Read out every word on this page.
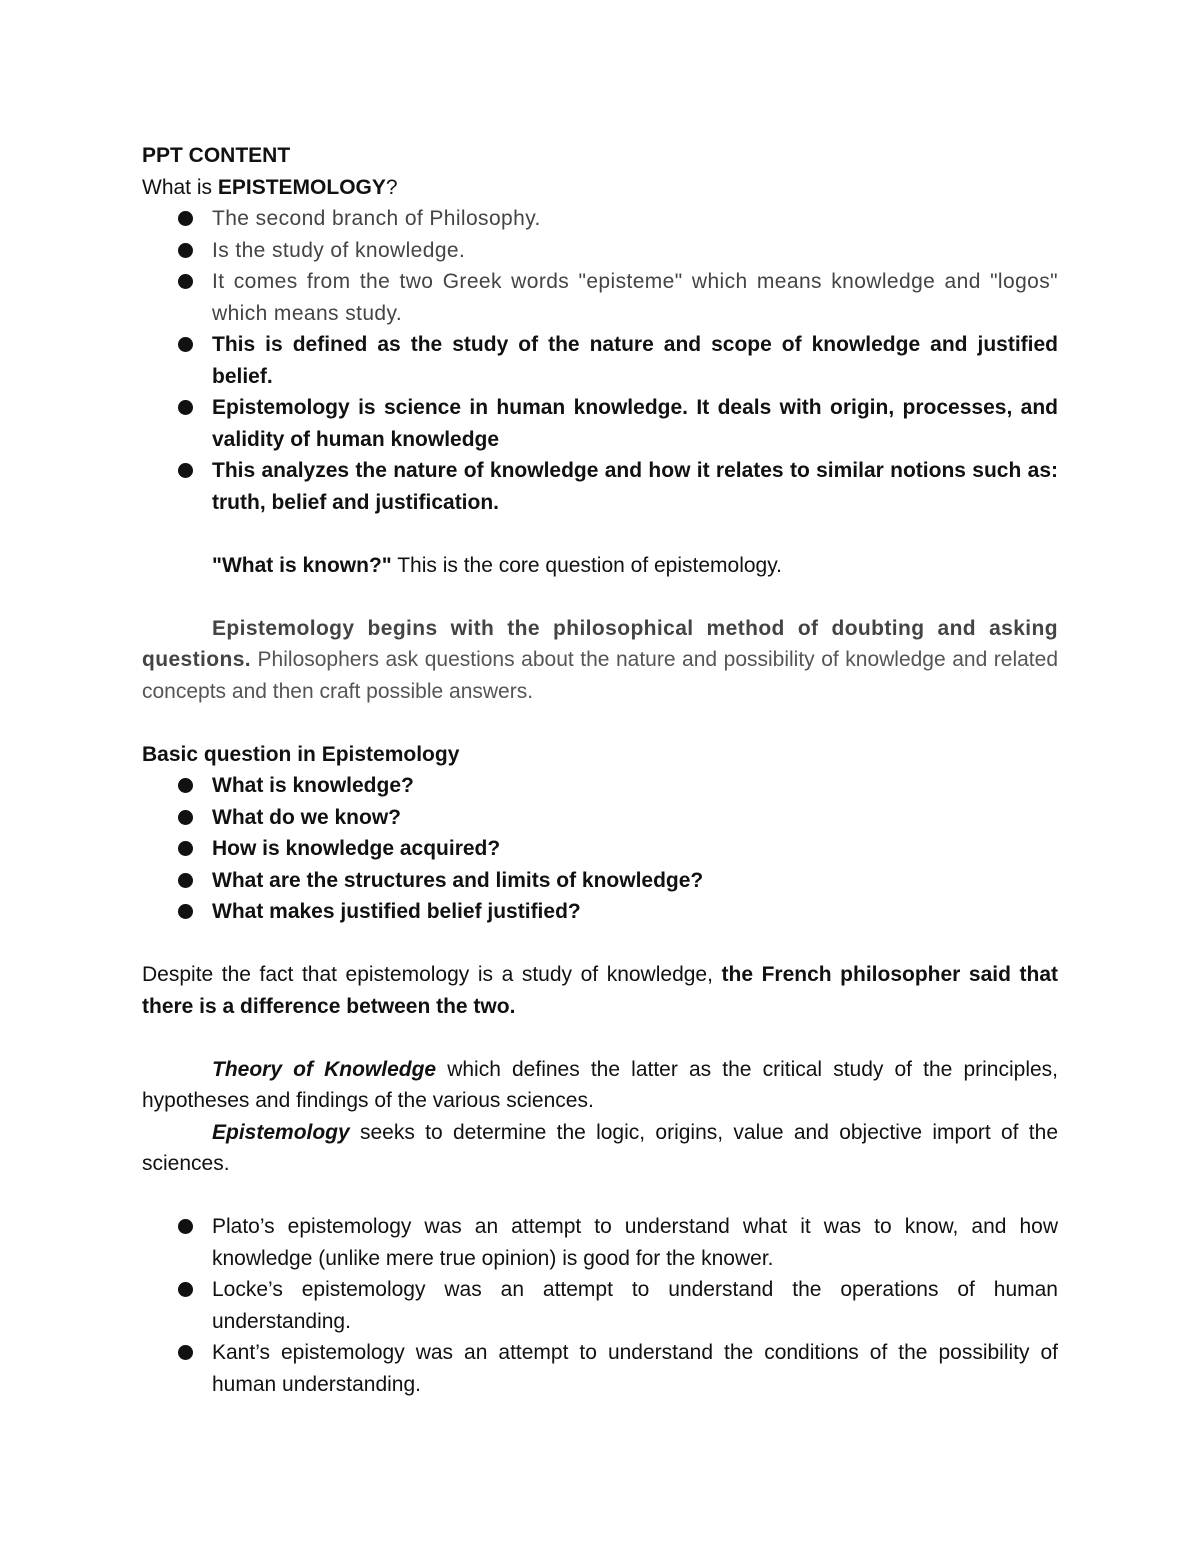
PPT CONTENT
What is EPISTEMOLOGY?
The second branch of Philosophy.
Is the study of knowledge.
It comes from the two Greek words "episteme" which means knowledge and "logos" which means study.
This is defined as the study of the nature and scope of knowledge and justified belief.
Epistemology is science in human knowledge. It deals with origin, processes, and validity of human knowledge
This analyzes the nature of knowledge and how it relates to similar notions such as: truth, belief and justification.
"What is known?" This is the core question of epistemology.

Epistemology begins with the philosophical method of doubting and asking questions. Philosophers ask questions about the nature and possibility of knowledge and related concepts and then craft possible answers.

Basic question in Epistemology
What is knowledge?
What do we know?
How is knowledge acquired?
What are the structures and limits of knowledge?
What makes justified belief justified?

Despite the fact that epistemology is a study of knowledge, the French philosopher said that there is a difference between the two.

Theory of Knowledge which defines the latter as the critical study of the principles, hypotheses and findings of the various sciences.

Epistemology seeks to determine the logic, origins, value and objective import of the sciences.

Plato’s epistemology was an attempt to understand what it was to know, and how knowledge (unlike mere true opinion) is good for the knower.
Locke’s epistemology was an attempt to understand the operations of human understanding.
Kant’s epistemology was an attempt to understand the conditions of the possibility of human understanding.
